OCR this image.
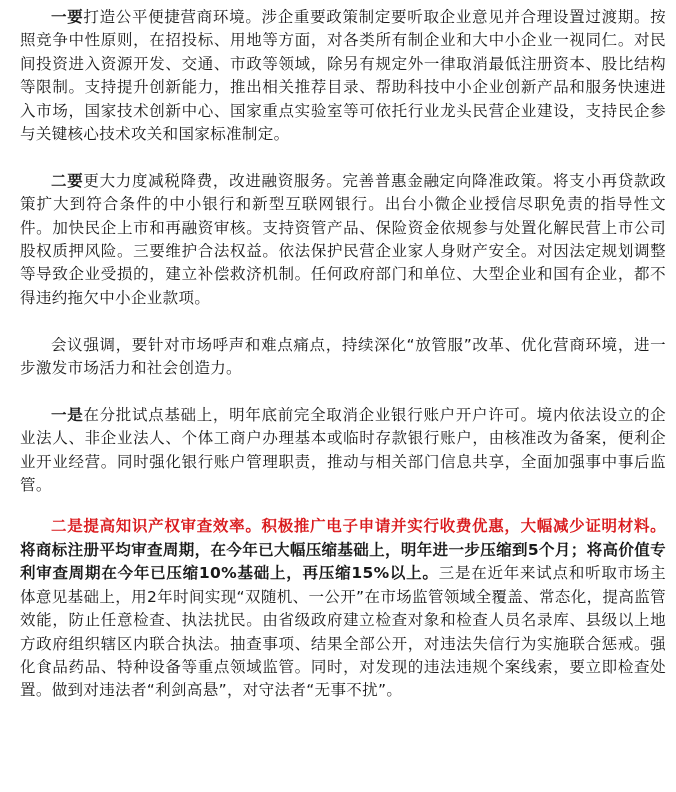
一要打造公平便捷营商环境。涉企重要政策制定要听取企业意见并合理设置过渡期。按照竞争中性原则，在招投标、用地等方面，对各类所有制企业和大中小企业一视同仁。对民间投资进入资源开发、交通、市政等领域，除另有规定外一律取消最低注册资本、股比结构等限制。支持提升创新能力，推出相关推荐目录、帮助科技中小企业创新产品和服务快速进入市场，国家技术创新中心、国家重点实验室等可依托行业龙头民营企业建设，支持民企参与关键核心技术攻关和国家标准制定。

二要更大力度减税降费，改进融资服务。完善普惠金融定向降准政策。将支小再贷款政策扩大到符合条件的中小银行和新型互联网银行。出台小微企业授信尽职免责的指导性文件。加快民企上市和再融资审核。支持资管产品、保险资金依规参与处置化解民营上市公司股权质押风险。三要维护合法权益。依法保护民营企业家人身财产安全。对因法定规划调整等导致企业受损的，建立补偿救济机制。任何政府部门和单位、大型企业和国有企业，都不得违约拖欠中小企业款项。

会议强调，要针对市场呼声和难点痛点，持续深化“放管服”改革、优化营商环境，进一步激发市场活力和社会创造力。

一是在分批试点基础上，明年底前完全取消企业银行账户开户许可。境内依法设立的企业法人、非企业法人、个体工商户办理基本或临时存款银行账户，由核准改为备案，便利企业开业经营。同时强化银行账户管理职责，推动与相关部门信息共享，全面加强事中事后监管。

二是提高知识产权审查效率。积极推广电子申请并实行收费优惠，大幅减少证明材料。将商标注册平均审查周期，在今年已大幅压缩基础上，明年进一步压缩到5个月；将高价值专利审查周期在今年已压缩10%基础上，再压缩15%以上。三是在近年来试点和听取市场主体意见基础上，用2年时间实现“双随机、一公开”在市场监管领域全覆盖、常态化，提高监管效能，防止任意检查、执法扰民。由省级政府建立检查对象和检查人员名录库、县级以上地方政府组织辖区内联合执法。抽查事项、结果全部公开，对违法失信行为实施联合惩戒。强化食品药品、特种设备等重点领域监管。同时，对发现的违法违规个案线索，要立即检查处置。做到对违法者“利剑高悬”，对守法者“无事不扰”。
